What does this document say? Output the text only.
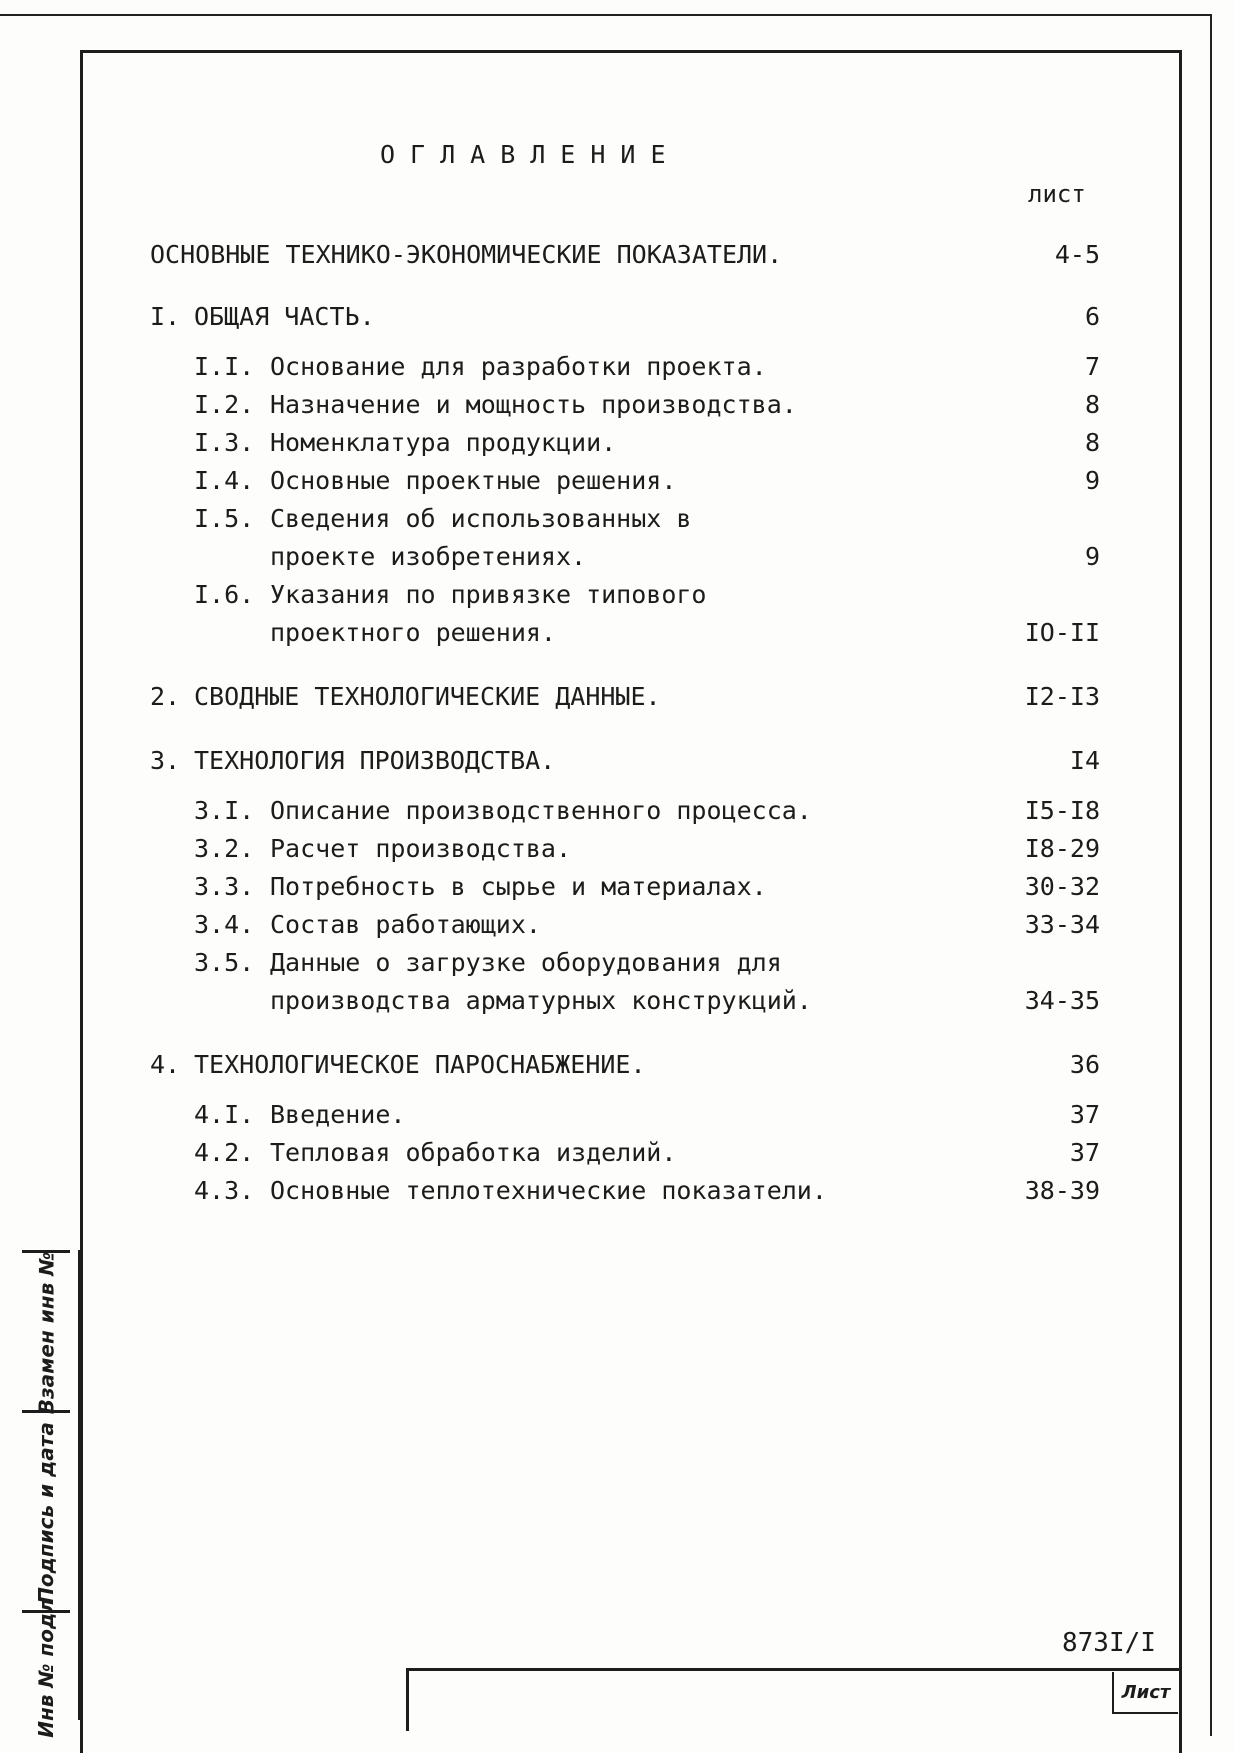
ОГЛАВЛЕНИЕ
лист
ОСНОВНЫЕ ТЕХНИКО-ЭКОНОМИЧЕСКИЕ ПОКАЗАТЕЛИ.	4-5
I. ОБЩАЯ ЧАСТЬ.	6
I.I. Основание для разработки проекта.	7
I.2. Назначение и мощность производства.	8
I.3. Номенклатура продукции.	8
I.4. Основные проектные решения.	9
I.5. Сведения об использованных в
проекте изобретениях.	9
I.6. Указания по привязке типового
проектного решения.	IO-II
2. СВОДНЫЕ ТЕХНОЛОГИЧЕСКИЕ ДАННЫЕ.	I2-I3
3. ТЕХНОЛОГИЯ ПРОИЗВОДСТВА.	I4
3.I. Описание производственного процесса.	I5-I8
3.2. Расчет производства.	I8-29
3.3. Потребность в сырье и материалах.	30-32
3.4. Состав работающих.	33-34
3.5. Данные о загрузке оборудования для
производства арматурных конструкций.	34-35
4. ТЕХНОЛОГИЧЕСКОЕ ПАРОСНАБЖЕНИЕ.	36
4.I. Введение.	37
4.2. Тепловая обработка изделий.	37
4.3. Основные теплотехнические показатели.	38-39
Взамен инв №
Подпись и дата
Инв № подл	873I/I
Лист
